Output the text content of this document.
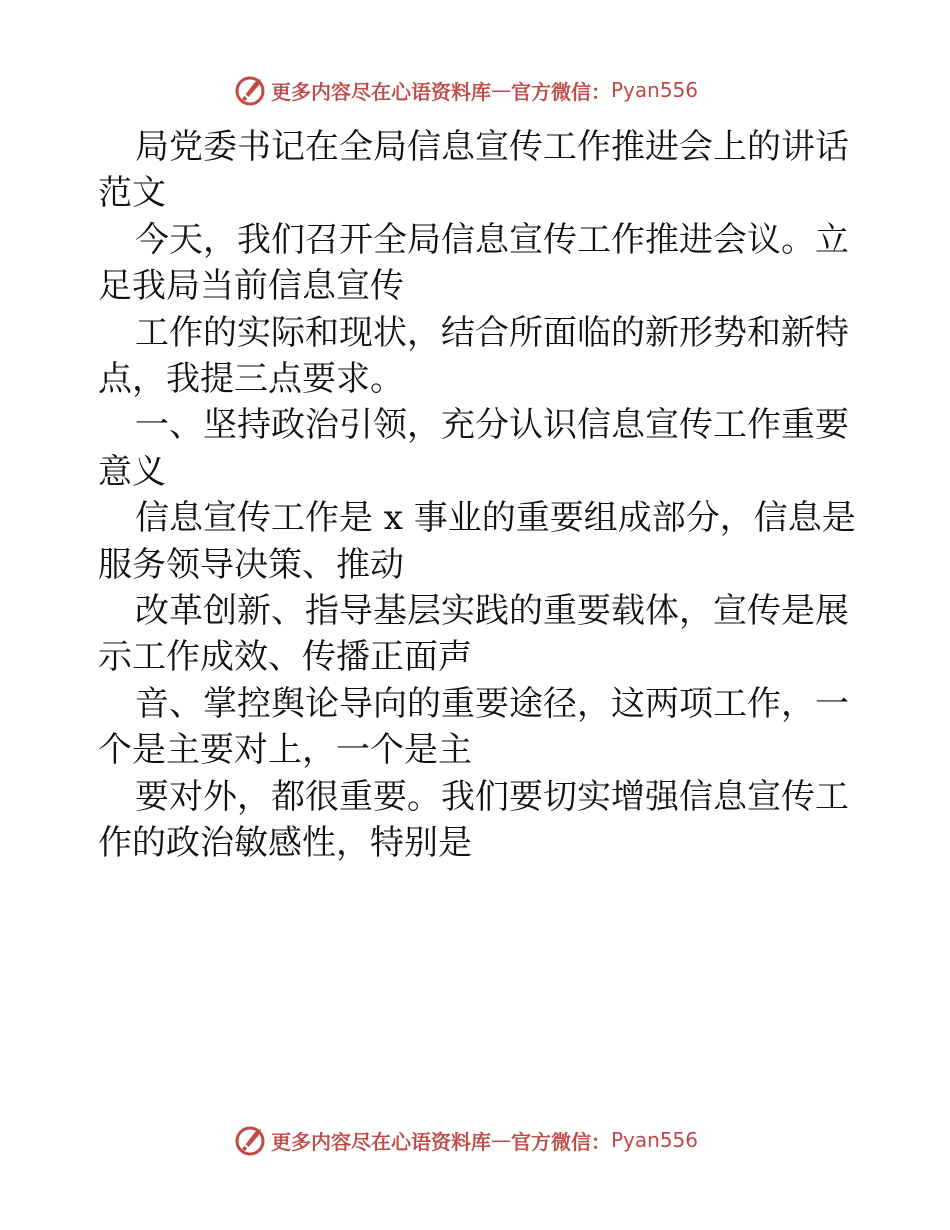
更多内容尽在心语资料库 — 官方微信： Pyan556

局党委书记在全局信息宣传工作推进会上的讲话范文

今天，我们召开全局信息宣传工作推进会议。立足我局当前信息宣传

工作的实际和现状，结合所面临的新形势和新特点，我提三点要求。

一、坚持政治引领，充分认识信息宣传工作重要意义

信息宣传工作是 x 事业的重要组成部分，信息是服务领导决策、推动

改革创新、指导基层实践的重要载体，宣传是展示工作成效、传播正面声

音、掌控舆论导向的重要途径，这两项工作，一个是主要对上，一个是主

要对外，都很重要。我们要切实增强信息宣传工作的政治敏感性，特别是

更多内容尽在心语资料库 — 官方微信： Pyan556
